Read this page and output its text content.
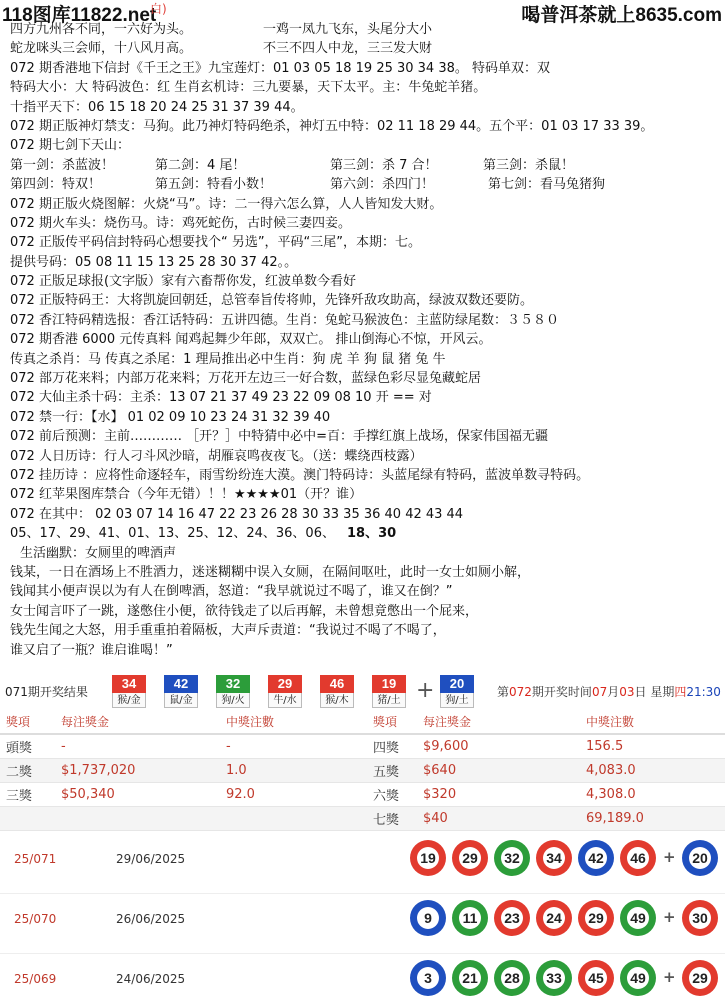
118图库11822.net
白)	喝普洱茶就上8635.com
四方九州各不同，一六好为头。	一鸡一凤九飞东，头尾分大小
蛇龙咪头三会师，十八风月高。	不三不四人中龙，三三发大财
072 期香港地下信封《千王之王》九宝莲灯：01 03 05 18 19 25 30 34 38。 特码单双：双
特码大小：大 特码波色：红 生肖玄机诗：三九要暴，天下太平。主：牛兔蛇羊猪。
十指平天下：06 15 18 20 24 25 31 37 39 44。
072 期正版神灯禁支：马狗。此乃神灯特码绝杀，神灯五中特：02 11 18 29 44。五个平：01 03 17 33 39。
072 期七剑下天山：
第一剑：杀蓝波！	第二剑：4 尾！	第三剑：杀 7 合！	第三剑：杀鼠！
第四剑：特双！	第五剑：特看小数！	第六剑：杀四门！	第七剑：看马兔猪狗
072 期正版火烧图解：火烧“马”。诗：二一得六怎么算，人人皆知发大财。
072 期火车头：烧伤马。诗：鸡死蛇伤，古时候三妻四妾。
072 正版传平码信封特码心想要找个“ 另选”，平码“三尾”，本期：七。
提供号码：05 08 11 15 13 25 28 30 37 42。。
072 正版足球报(文字版）家有六畜帮你发，红波单数今看好
072 正版特码王：大将凯旋回朝廷，总管奉旨传将帅，先锋歼敌攻助高，绿波双数还要防。
072 香江特码精选报：香江话特码：五讲四德。生肖：兔蛇马猴波色：主蓝防绿尾数：３５８０
072 期香港 6000 元传真料 闻鸡起舞少年郎，双双亡。 排山倒海心不惊，开风云。
传真之杀肖：马 传真之杀尾：1 理局推出必中生肖：狗 虎 羊 狗 鼠 猪 兔 牛
072 部万花来料；内部万花来料；万花开左边三一好合数，蓝绿色彩尽显兔藏蛇居
072 大仙主杀十码：主杀：13 07 21 37 49 23 22 09 08 10 开 == 对
072 禁一行：【水】 01 02 09 10 23 24 31 32 39 40
072 前后预测：主前………… ［开？］中特猜中必中=百：手撑红旗上战场，保家伟国福无疆
072 人日历诗：行人刁斗风沙暗，胡雁哀鸣夜夜飞。（送：蝶绕西枝露）
072 挂历诗 ：应将性命逐轻车，雨雪纷纷连大漠。澳门特码诗：头蓝尾绿有特码，蓝波单数寻特码。
072 红苹果图库禁合（今年无错）！！★★★★01（开？谁）
072 在其中： 02 03 07 14 16 47 22 23 26 28 30 33 35 36 40 42 43 44
05、17、29、41、01、13、25、12、24、36、06、 18、30
生活幽默：女厕里的啤酒声
钱某，一日在酒场上不胜酒力，迷迷糊糊中误入女厕，在隔间呕吐，此时一女士如厕小解，
钱闻其小便声误以为有人在倒啤酒，怒道：“我早就说过不喝了，谁又在倒？”
女士闻言吓了一跳，遂憋住小便，欲待钱走了以后再解，未曾想竟憋出一个屁来，
钱先生闻之大怒，用手重重拍着隔板，大声斥责道：“我说过不喝了不喝了，
谁又启了一瓶？谁启谁喝！”
071期开奖结果
34
猴/金
42
鼠/金
32
狗/火
29
牛/水
46
猴/木
19
猪/土
20
狗/土
+	第072期开奖时间07月03日 星期四21:30
獎項	每注獎金	中獎注數	獎項	每注獎金	中獎注數
頭獎	-	-	四獎	$9,600	156.5
二獎	$1,737,020	1.0	五獎	$640	4,083.0
三獎	$50,340	92.0	六獎	$320	4,308.0
			七獎	$40	69,189.0
25/071	29/06/2025	19 29 32 34 42 46 + 20
25/070	26/06/2025	9	11 23 24 29 49 + 30
25/069	24/06/2025	3	21 28 33 45 49 + 29
